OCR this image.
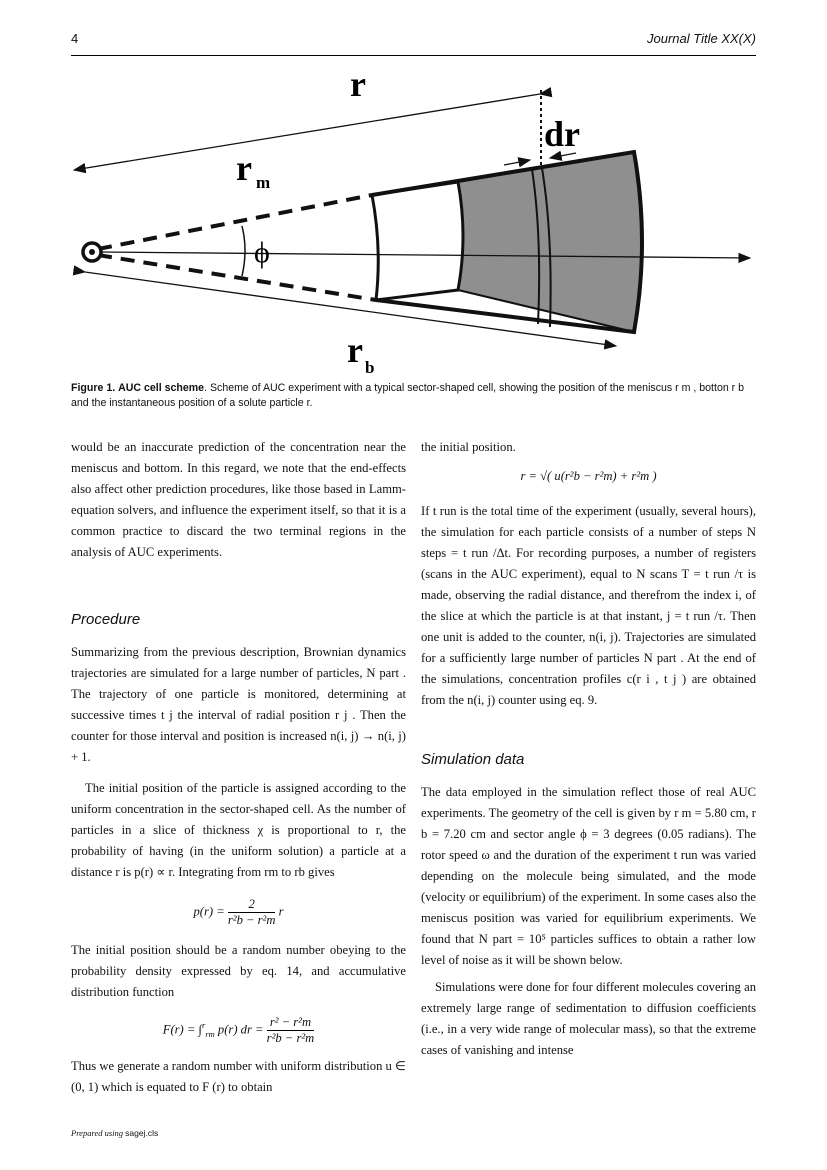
4	Journal Title XX(X)
r
dr
r m
ϕ
r b
Figure 1. AUC cell scheme. Scheme of AUC experiment with a typical sector-shaped cell, showing the position of the meniscus r m , botton r b and the instantaneous position of a solute particle r.

would be an inaccurate prediction of the concentration near the meniscus and bottom. In this regard, we note that the end-effects also affect other prediction procedures, like those based in Lamm-equation solvers, and influence the experiment itself, so that it is a common practice to discard the two terminal regions in the analysis of AUC experiments.

Procedure

Summarizing from the previous description, Brownian dynamics trajectories are simulated for a large number of particles, N part . The trajectory of one particle is monitored, determining at successive times t j the interval of radial position r j . Then the counter for those interval and position is increased n(i, j) → n(i, j) + 1.

The initial position of the particle is assigned according to the uniform concentration in the sector-shaped cell. As the number of particles in a slice of thickness χ is proportional to r, the probability of having (in the uniform solution) a particle at a distance r is p(r) ∝ r. Integrating from rm to rb gives

$p(r) = \frac{2}{\text{r²b − r²m}}$ r

The initial position should be a random number obeying to the probability density expressed by eq. 14, and accumulative distribution function

F(r) = ∫$^r_{rm}$ p(r) dr = $\frac{\text{r² − r²m}}{\text{r²b − r²m}}$

Thus we generate a random number with uniform distribution u ∈ (0, 1) which is equated to F (r) to obtain

the initial position.

r = √( u(r²b − r²m) + r²m )

If t run is the total time of the experiment (usually, several hours), the simulation for each particle consists of a number of steps N steps = t run /Δt. For recording purposes, a number of registers (scans in the AUC experiment), equal to N scans T = t run /τ is made, observing the radial distance, and therefrom the index i, of the slice at which the particle is at that instant, j = t run /τ. Then one unit is added to the counter, n(i, j). Trajectories are simulated for a sufficiently large number of particles N part . At the end of the simulations, concentration profiles c(r i , t j ) are obtained from the n(i, j) counter using eq. 9.

Simulation data

The data employed in the simulation reflect those of real AUC experiments. The geometry of the cell is given by r m = 5.80 cm, r b = 7.20 cm and sector angle ϕ = 3 degrees (0.05 radians). The rotor speed ω and the duration of the experiment t run was varied depending on the molecule being simulated, and the mode (velocity or equilibrium) of the experiment. In some cases also the meniscus position was varied for equilibrium experiments. We found that N part = 10⁵ particles suffices to obtain a rather low level of noise as it will be shown below.

Simulations were done for four different molecules covering an extremely large range of sedimentation to diffusion coefficients (i.e., in a very wide range of molecular mass), so that the extreme cases of vanishing and intense

Prepared using sagej.cls
